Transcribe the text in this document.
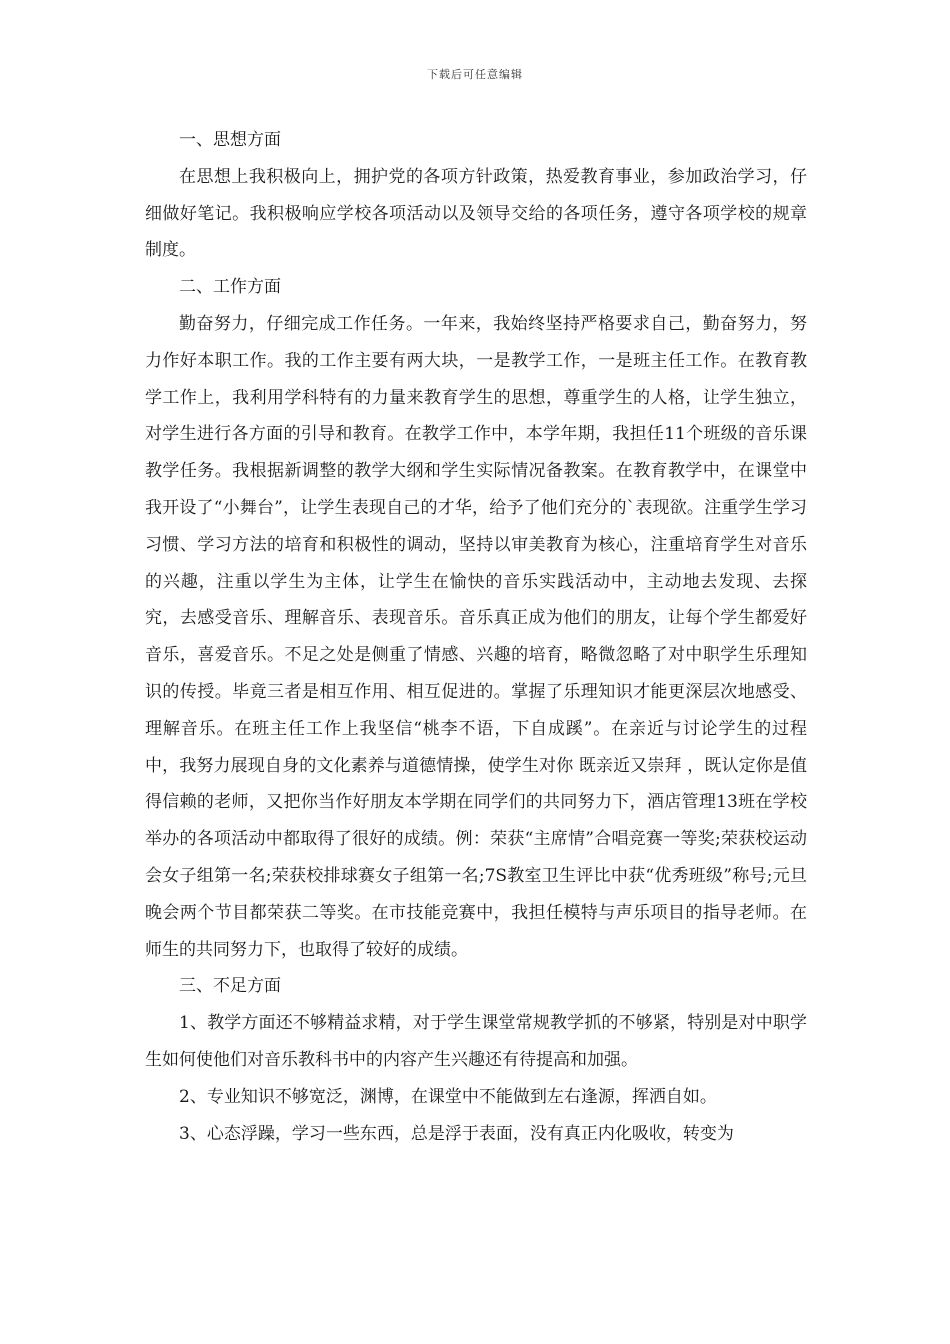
下载后可任意编辑

一、思想方面

在思想上我积极向上，拥护党的各项方针政策，热爱教育事业，参加政治学习，仔细做好笔记。我积极响应学校各项活动以及领导交给的各项任务，遵守各项学校的规章制度。

二、工作方面

勤奋努力，仔细完成工作任务。一年来，我始终坚持严格要求自己，勤奋努力，努力作好本职工作。我的工作主要有两大块，一是教学工作，一是班主任工作。在教育教学工作上，我利用学科特有的力量来教育学生的思想，尊重学生的人格，让学生独立，对学生进行各方面的引导和教育。在教学工作中，本学年期，我担任11个班级的音乐课教学任务。我根据新调整的教学大纲和学生实际情况备教案。在教育教学中，在课堂中我开设了“小舞台”，让学生表现自己的才华，给予了他们充分的`表现欲。注重学生学习习惯、学习方法的培育和积极性的调动，坚持以审美教育为核心，注重培育学生对音乐的兴趣，注重以学生为主体，让学生在愉快的音乐实践活动中，主动地去发现、去探究，去感受音乐、理解音乐、表现音乐。音乐真正成为他们的朋友，让每个学生都爱好音乐，喜爱音乐。不足之处是侧重了情感、兴趣的培育，略微忽略了对中职学生乐理知识的传授。毕竟三者是相互作用、相互促进的。掌握了乐理知识才能更深层次地感受、理解音乐。在班主任工作上我坚信“桃李不语，下自成蹊”。在亲近与讨论学生的过程中，我努力展现自身的文化素养与道德情操，使学生对你 既亲近又崇拜 ，既认定你是值得信赖的老师，又把你当作好朋友本学期在同学们的共同努力下，酒店管理13班在学校举办的各项活动中都取得了很好的成绩。例：荣获“主席情”合唱竞赛一等奖;荣获校运动会女子组第一名;荣获校排球赛女子组第一名;7S教室卫生评比中获“优秀班级”称号;元旦晚会两个节目都荣获二等奖。在市技能竞赛中，我担任模特与声乐项目的指导老师。在师生的共同努力下，也取得了较好的成绩。

三、不足方面

1、教学方面还不够精益求精，对于学生课堂常规教学抓的不够紧，特别是对中职学生如何使他们对音乐教科书中的内容产生兴趣还有待提高和加强。

2、专业知识不够宽泛，渊博，在课堂中不能做到左右逢源，挥洒自如。

3、心态浮躁，学习一些东西，总是浮于表面，没有真正内化吸收，转变为
